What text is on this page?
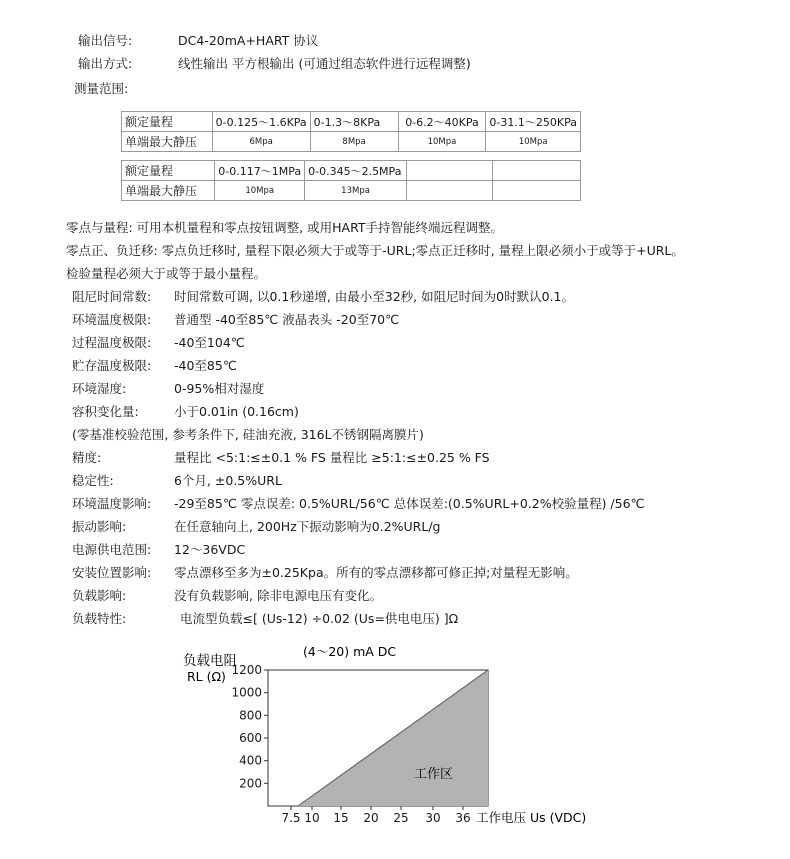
输出信号:	DC4-20mA+HART 协议
输出方式:	线性输出 平方根输出 (可通过组态软件进行远程调整)
测量范围:
额定量程	0-0.125～1.6KPa	0-1.3～8KPa	0-6.2～40KPa	0-31.1～250KPa
单端最大静压	6Mpa	8Mpa	10Mpa	10Mpa
额定量程	0-0.117～1MPa	0-0.345～2.5MPa		
单端最大静压	10Mpa	13Mpa		
零点与量程: 可用本机量程和零点按钮调整, 或用HART手持智能终端远程调整。
零点正、负迁移: 零点负迁移时, 量程下限必须大于或等于-URL;零点正迁移时, 量程上限必须小于或等于+URL。
检验量程必须大于或等于最小量程。
阻尼时间常数: 时间常数可调, 以0.1秒递增, 由最小至32秒, 如阻尼时间为0时默认0.1。
环境温度极限: 普通型 -40至85℃ 液晶表头 -20至70℃
过程温度极限: -40至104℃
贮存温度极限: -40至85℃
环境湿度:	0-95%相对湿度
容积变化量:	小于0.01in (0.16cm)
(零基准校验范围, 参考条件下, 硅油充液, 316L不锈钢隔离膜片)
精度:	量程比 <5:1:≤±0.1 % FS 量程比 ≥5:1:≤±0.25 % FS
稳定性:	6个月, ±0.5%URL
环境温度影响: -29至85℃ 零点误差: 0.5%URL/56℃ 总体误差:(0.5%URL+0.2%校验量程) /56℃
振动影响:	在任意轴向上, 200Hz下振动影响为0.2%URL/g
电源供电范围: 12～36VDC
安装位置影响: 零点漂移至多为±0.25Kpa。所有的零点漂移都可修正掉;对量程无影响。
负载影响:	没有负载影响, 除非电源电压有变化。
负载特性:	电流型负载≤[ (Us-12) ÷0.02 (Us=供电电压) ]Ω
(4～20) mA DC
负载电阻
RL (Ω)
200
400
600
800
1000
1200
7.5 10 15 20 25 30 36 工作电压 Us (VDC)
工作区
